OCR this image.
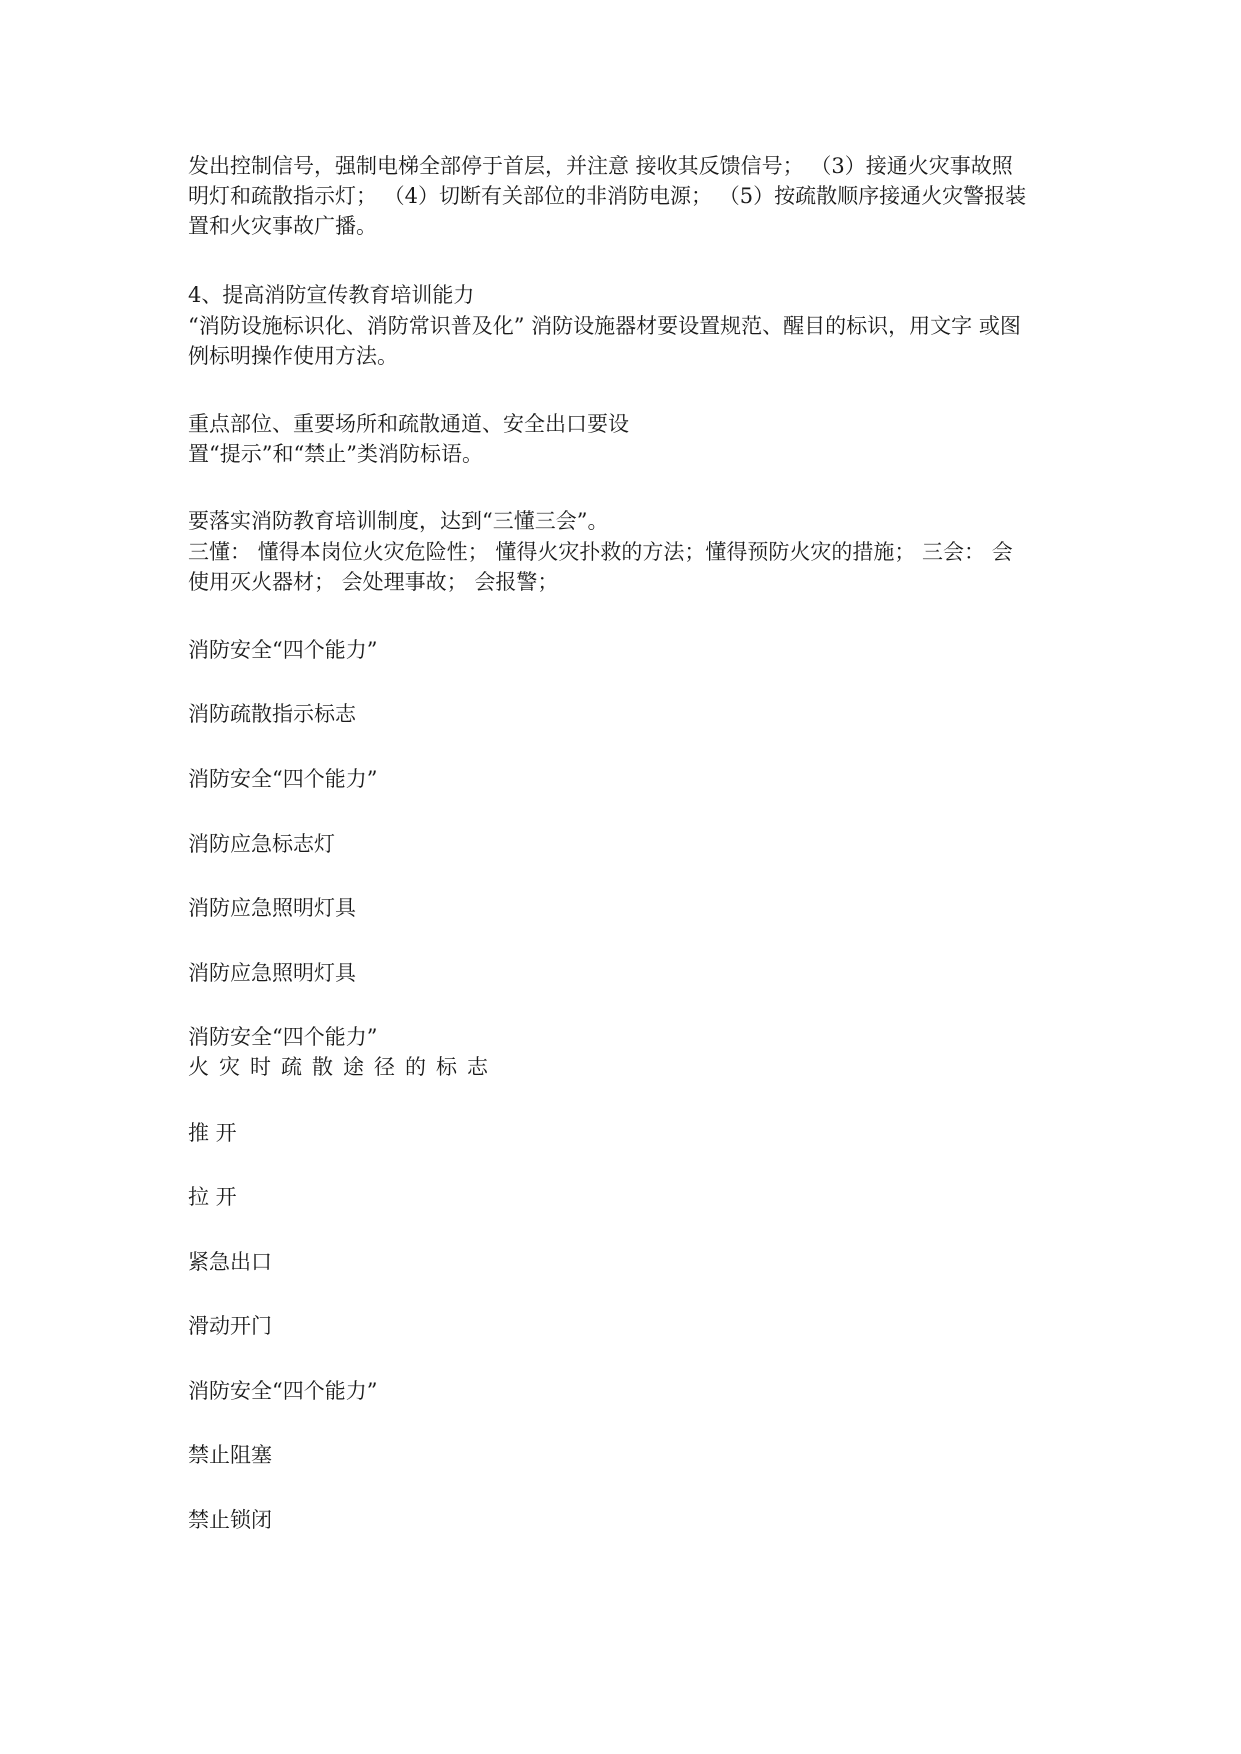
发出控制信号，强制电梯全部停于首层，并注意 接收其反馈信号； （3）接通火灾事故照
明灯和疏散指示灯； （4）切断有关部位的非消防电源； （5）按疏散顺序接通火灾警报装
置和火灾事故广播。
4、提高消防宣传教育培训能力
“消防设施标识化、消防常识普及化” 消防设施器材要设置规范、醒目的标识，用文字 或图
例标明操作使用方法。
重点部位、重要场所和疏散通道、安全出口要设
置“提示”和“禁止”类消防标语。
要落实消防教育培训制度，达到“三懂三会”。
三懂： 懂得本岗位火灾危险性； 懂得火灾扑救的方法；懂得预防火灾的措施； 三会： 会
使用灭火器材； 会处理事故； 会报警；
消防安全“四个能力”
消防疏散指示标志
消防安全“四个能力”
消防应急标志灯
消防应急照明灯具
消防应急照明灯具
消防安全“四个能力”
火灾时疏散途径的标志
推 开
拉 开
紧急出口
滑动开门
消防安全“四个能力”
禁止阻塞
禁止锁闭
